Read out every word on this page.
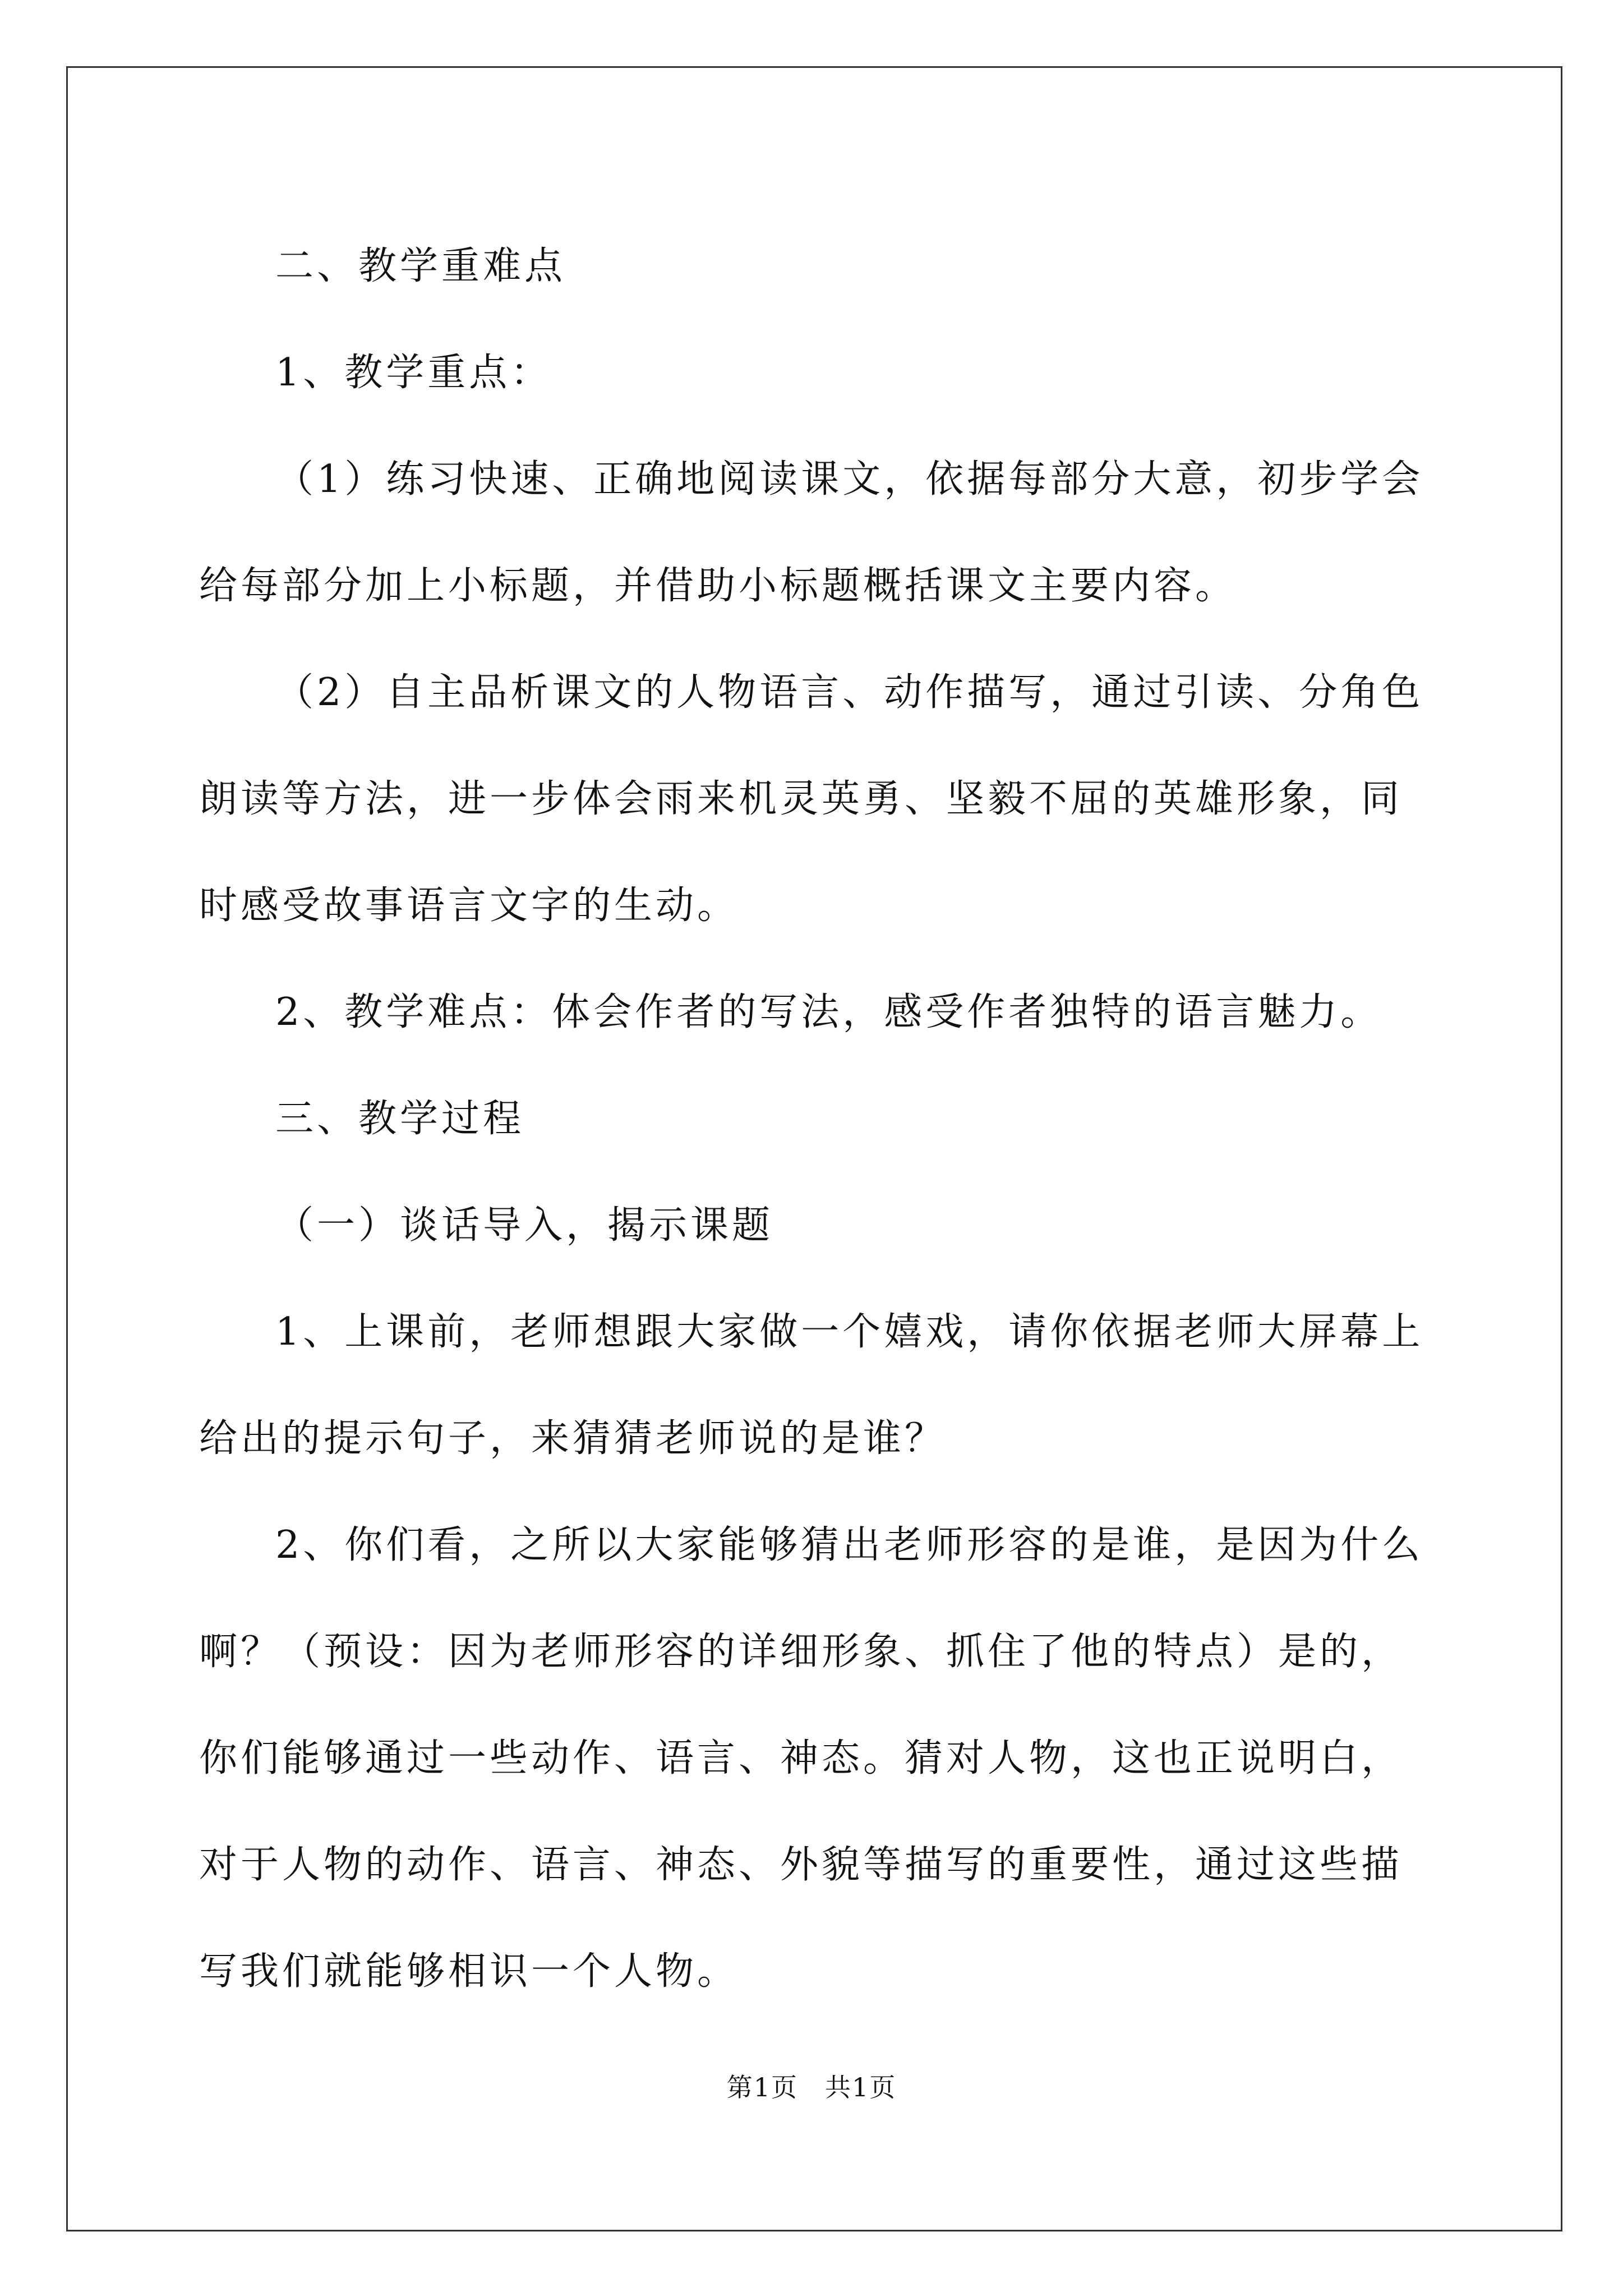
二、教学重难点

1、教学重点：

（1）练习快速、正确地阅读课文，依据每部分大意，初步学会给每部分加上小标题，并借助小标题概括课文主要内容。

（2）自主品析课文的人物语言、动作描写，通过引读、分角色朗读等方法，进一步体会雨来机灵英勇、坚毅不屈的英雄形象，同时感受故事语言文字的生动。

2、教学难点：体会作者的写法，感受作者独特的语言魅力。

三、教学过程

（一）谈话导入，揭示课题

1、上课前，老师想跟大家做一个嬉戏，请你依据老师大屏幕上给出的提示句子，来猜猜老师说的是谁？

2、你们看，之所以大家能够猜出老师形容的是谁，是因为什么啊？（预设：因为老师形容的详细形象、抓住了他的特点）是的，你们能够通过一些动作、语言、神态。猜对人物，这也正说明白，对于人物的动作、语言、神态、外貌等描写的重要性，通过这些描写我们就能够相识一个人物。

第1页　共1页
